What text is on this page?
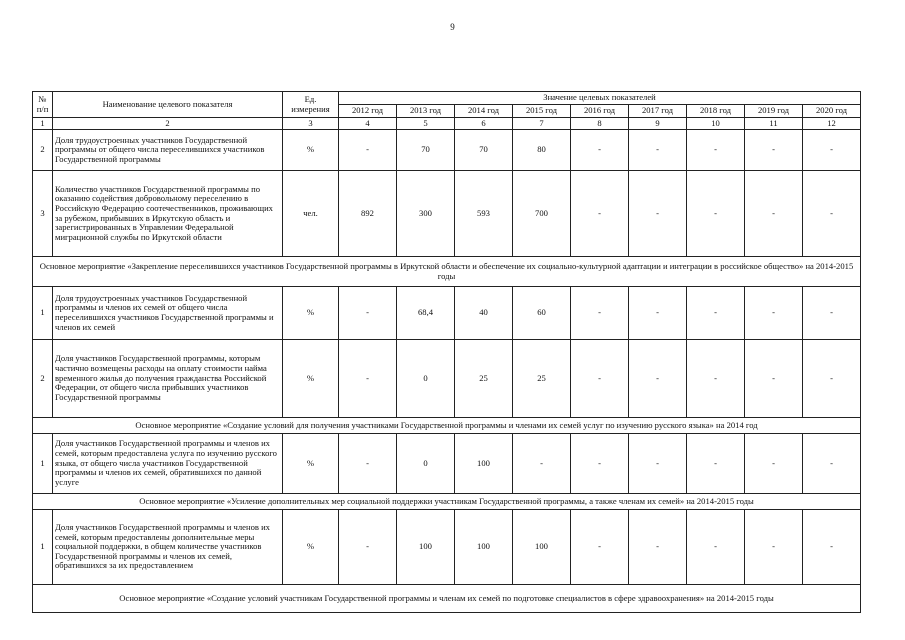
9
№ п/п	Наименование целевого показателя	Ед. измерения	Значение целевых показателей								
			2012 год	2013 год	2014 год	2015 год	2016 год	2017 год	2018 год	2019 год	2020 год
1	2	3	4	5	6	7	8	9	10	11	12
2	Доля трудоустроенных участников Государственной программы от общего числа переселившихся участников Государственной программы	%	-	70	70	80	-	-	-	-	-
3	Количество участников Государственной программы по оказанию содействия добровольному переселению в Российскую Федерацию соотечественников, проживающих за рубежом, прибывших в Иркутскую область и зарегистрированных в Управлении Федеральной миграционной службы по Иркутской области	чел.	892	300	593	700	-	-	-	-	-
Основное мероприятие «Закрепление переселившихся участников Государственной программы в Иркутской области и обеспечение их социально-культурной адаптации и интеграции в российское общество» на 2014-2015 годы											
1	Доля трудоустроенных участников Государственной программы и членов их семей от общего числа переселившихся участников Государственной программы и членов их семей	%	-	68,4	40	60	-	-	-	-	-
2	Доля участников Государственной программы, которым частично возмещены расходы на оплату стоимости найма временного жилья до получения гражданства Российской Федерации, от общего числа прибывших участников Государственной программы	%	-	0	25	25	-	-	-	-	-
Основное мероприятие «Создание условий для получения участниками Государственной программы и членами их семей услуг по изучению русского языка» на 2014 год											
1	Доля участников Государственной программы и членов их семей, которым предоставлена услуга по изучению русского языка, от общего числа участников Государственной программы и членов их семей, обратившихся по данной услуге	%	-	0	100	-	-	-	-	-	-
Основное мероприятие «Усиление дополнительных мер социальной поддержки участникам Государственной программы, а также членам их семей» на 2014-2015 годы											
1	Доля участников Государственной программы и членов их семей, которым предоставлены дополнительные меры социальной поддержки, в общем количестве участников Государственной программы и членов их семей, обратившихся за их предоставлением	%	-	100	100	100	-	-	-	-	-
Основное мероприятие «Создание условий участникам Государственной программы и членам их семей по подготовке специалистов в сфере здравоохранения» на 2014-2015 годы											
